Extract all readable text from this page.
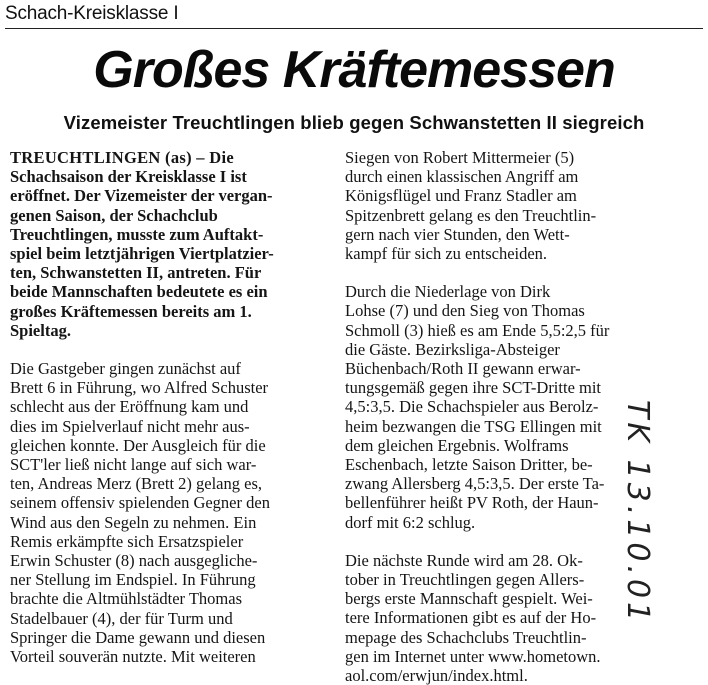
Schach-Kreisklasse I
Großes Kräftemessen
Vizemeister Treuchtlingen blieb gegen Schwanstetten II siegreich

TREUCHTLINGEN (as) – Die
Schachsaison der Kreisklasse I ist
eröffnet. Der Vizemeister der vergan-
genen Saison, der Schachclub
Treuchtlingen, musste zum Auftakt-
spiel beim letztjährigen Viertplatzier-
ten, Schwanstetten II, antreten. Für
beide Mannschaften bedeutete es ein
großes Kräftemessen bereits am 1.
Spieltag.

Die Gastgeber gingen zunächst auf
Brett 6 in Führung, wo Alfred Schuster
schlecht aus der Eröffnung kam und
dies im Spielverlauf nicht mehr aus-
gleichen konnte. Der Ausgleich für die
SCT'ler ließ nicht lange auf sich war-
ten, Andreas Merz (Brett 2) gelang es,
seinem offensiv spielenden Gegner den
Wind aus den Segeln zu nehmen. Ein
Remis erkämpfte sich Ersatzspieler
Erwin Schuster (8) nach ausgegliche-
ner Stellung im Endspiel. In Führung
brachte die Altmühlstädter Thomas
Stadelbauer (4), der für Turm und
Springer die Dame gewann und diesen
Vorteil souverän nutzte. Mit weiteren

Siegen von Robert Mittermeier (5)
durch einen klassischen Angriff am
Königsflügel und Franz Stadler am
Spitzenbrett gelang es den Treuchtlin-
gern nach vier Stunden, den Wett-
kampf für sich zu entscheiden.

Durch die Niederlage von Dirk
Lohse (7) und den Sieg von Thomas
Schmoll (3) hieß es am Ende 5,5:2,5 für
die Gäste. Bezirksliga-Absteiger
Büchenbach/Roth II gewann erwar-
tungsgemäß gegen ihre SCT-Dritte mit
4,5:3,5. Die Schachspieler aus Berolz-
heim bezwangen die TSG Ellingen mit
dem gleichen Ergebnis. Wolframs
Eschenbach, letzte Saison Dritter, be-
zwang Allersberg 4,5:3,5. Der erste Ta-
bellenführer heißt PV Roth, der Haun-
dorf mit 6:2 schlug.

Die nächste Runde wird am 28. Ok-
tober in Treuchtlingen gegen Allers-
bergs erste Mannschaft gespielt. Wei-
tere Informationen gibt es auf der Ho-
mepage des Schachclubs Treuchtlin-
gen im Internet unter www.hometown.
aol.com/erwjun/index.html.

TK 13.10.01
